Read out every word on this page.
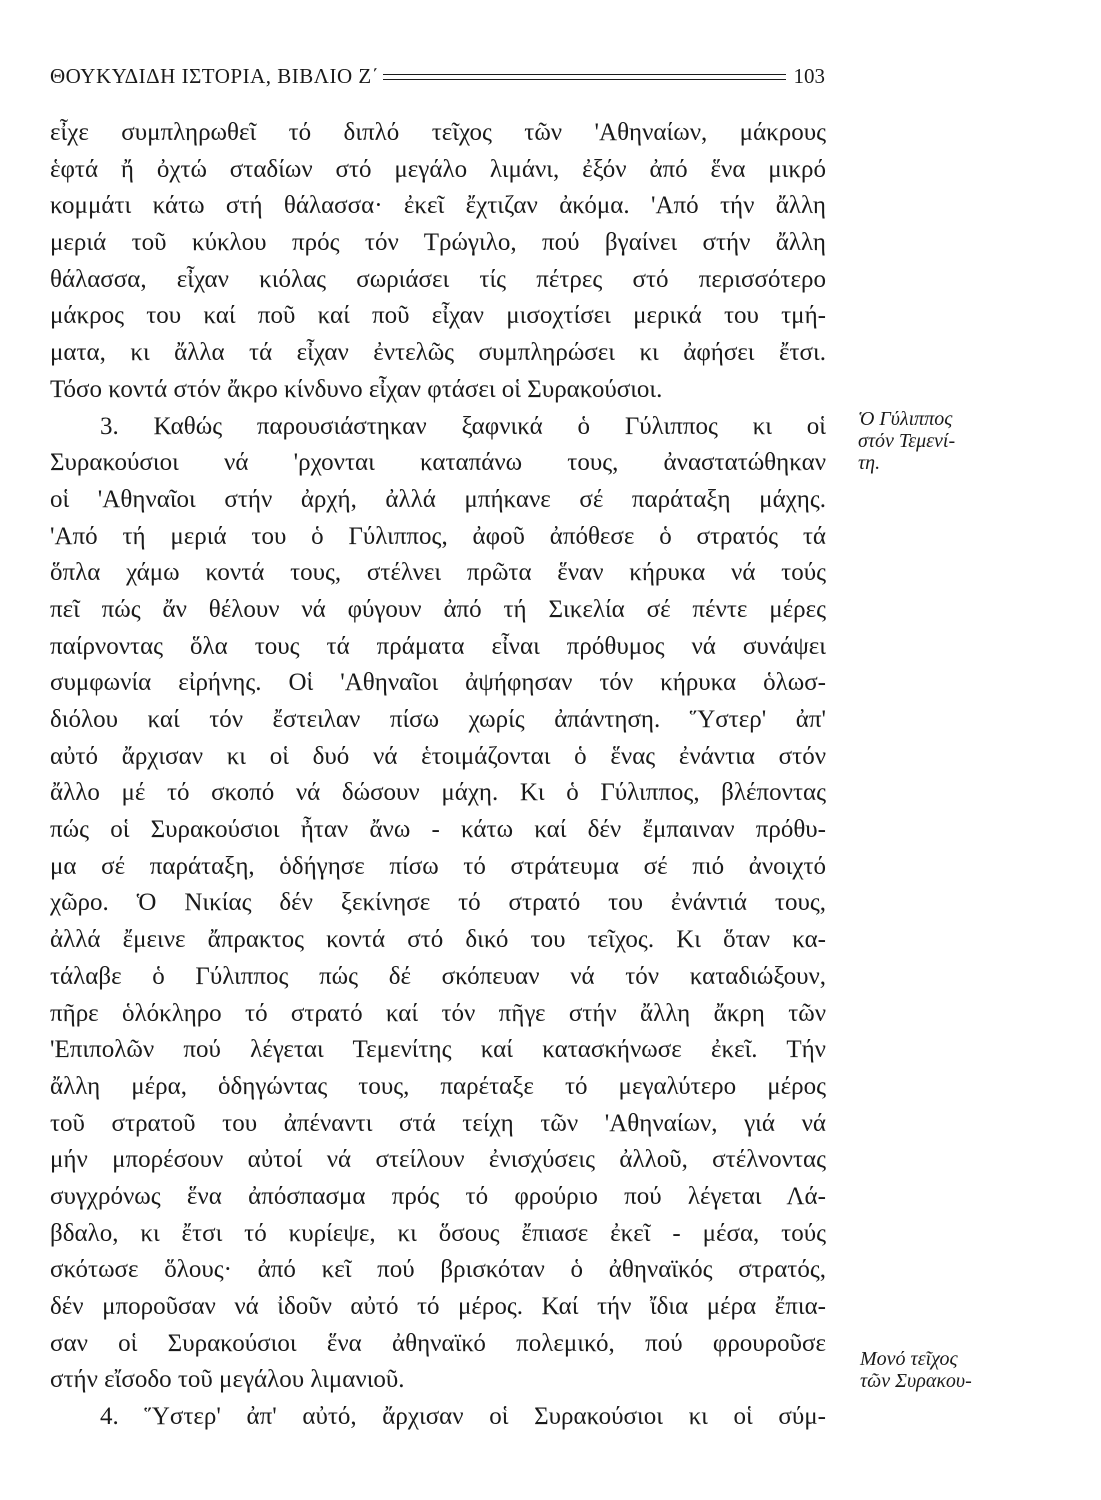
ΘΟΥΚΥΔΙΔΗ ΙΣΤΟΡΙΑ, ΒΙΒΛΙΟ Ζ΄	103
εἶχε συμπληρωθεῖ τό διπλό τεῖχος τῶν 'Αθηναίων, μάκρους
ἑφτά ἤ ὀχτώ σταδίων στό μεγάλο λιμάνι, ἐξόν ἀπό ἕνα μικρό
κομμάτι κάτω στή θάλασσα· ἐκεῖ ἔχτιζαν ἀκόμα. 'Από τήν ἄλλη
μεριά τοῦ κύκλου πρός τόν Τρώγιλο, πού βγαίνει στήν ἄλλη
θάλασσα, εἶχαν κιόλας σωριάσει τίς πέτρες στό περισσότερο
μάκρος του καί ποῦ καί ποῦ εἶχαν μισοχτίσει μερικά του τμή-
ματα, κι ἄλλα τά εἶχαν ἐντελῶς συμπληρώσει κι ἀφήσει ἔτσι.
Τόσο κοντά στόν ἄκρο κίνδυνο εἶχαν φτάσει οἱ Συρακούσιοι.
3. Καθώς παρουσιάστηκαν ξαφνικά ὁ Γύλιππος κι οἱ
Συρακούσιοι νά 'ρχονται καταπάνω τους, ἀναστατώθηκαν
οἱ 'Αθηναῖοι στήν ἀρχή, ἀλλά μπήκανε σέ παράταξη μάχης.
'Από τή μεριά του ὁ Γύλιππος, ἀφοῦ ἀπόθεσε ὁ στρατός τά
ὅπλα χάμω κοντά τους, στέλνει πρῶτα ἕναν κήρυκα νά τούς
πεῖ πώς ἄν θέλουν νά φύγουν ἀπό τή Σικελία σέ πέντε μέρες
παίρνοντας ὅλα τους τά πράματα εἶναι πρόθυμος νά συνάψει
συμφωνία εἰρήνης. Οἱ 'Αθηναῖοι ἀψήφησαν τόν κήρυκα ὁλωσ-
διόλου καί τόν ἔστειλαν πίσω χωρίς ἀπάντηση. Ὕστερ' ἀπ'
αὐτό ἄρχισαν κι οἱ δυό νά ἑτοιμάζονται ὁ ἕνας ἐνάντια στόν
ἄλλο μέ τό σκοπό νά δώσουν μάχη. Κι ὁ Γύλιππος, βλέποντας
πώς οἱ Συρακούσιοι ἦταν ἄνω - κάτω καί δέν ἔμπαιναν πρόθυ-
μα σέ παράταξη, ὁδήγησε πίσω τό στράτευμα σέ πιό ἀνοιχτό
χῶρο. Ὁ Νικίας δέν ξεκίνησε τό στρατό του ἐνάντιά τους,
ἀλλά ἔμεινε ἄπρακτος κοντά στό δικό του τεῖχος. Κι ὅταν κα-
τάλαβε ὁ Γύλιππος πώς δέ σκόπευαν νά τόν καταδιώξουν,
πῆρε ὁλόκληρο τό στρατό καί τόν πῆγε στήν ἄλλη ἄκρη τῶν
'Επιπολῶν πού λέγεται Τεμενίτης καί κατασκήνωσε ἐκεῖ. Τήν
ἄλλη μέρα, ὁδηγώντας τους, παρέταξε τό μεγαλύτερο μέρος
τοῦ στρατοῦ του ἀπέναντι στά τείχη τῶν 'Αθηναίων, γιά νά
μήν μπορέσουν αὐτοί νά στείλουν ἐνισχύσεις ἀλλοῦ, στέλνοντας
συγχρόνως ἕνα ἀπόσπασμα πρός τό φρούριο πού λέγεται Λά-
βδαλο, κι ἔτσι τό κυρίεψε, κι ὅσους ἔπιασε ἐκεῖ - μέσα, τούς
σκότωσε ὅλους· ἀπό κεῖ πού βρισκόταν ὁ ἀθηναϊκός στρατός,
δέν μποροῦσαν νά ἰδοῦν αὐτό τό μέρος. Καί τήν ἴδια μέρα ἔπια-
σαν οἱ Συρακούσιοι ἕνα ἀθηναϊκό πολεμικό, πού φρουροῦσε
στήν εἴσοδο τοῦ μεγάλου λιμανιοῦ.
4. Ὕστερ' ἀπ' αὐτό, ἄρχισαν οἱ Συρακούσιοι κι οἱ σύμ-
Ὁ Γύλιππος
στόν Τεμενί-
τη.
Μονό τεῖχος
τῶν Συρακου-
